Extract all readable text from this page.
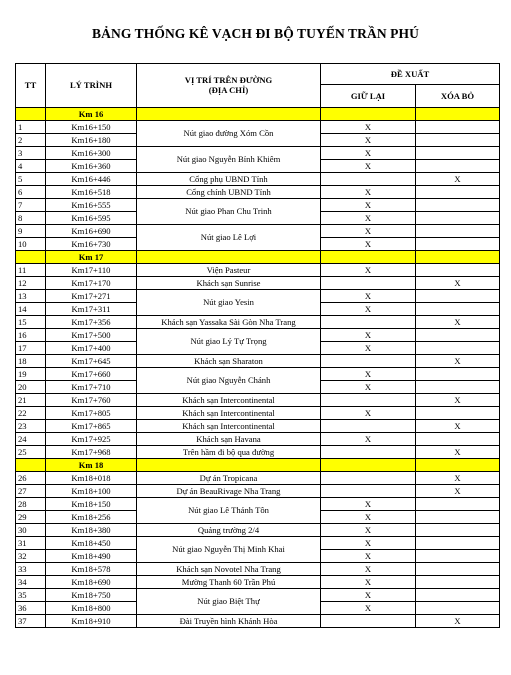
BẢNG THỐNG KÊ VẠCH ĐI BỘ TUYẾN TRẦN PHÚ
TT	LÝ TRÌNH	VỊ TRÍ TRÊN ĐƯỜNG
(ĐỊA CHỈ)	ĐỀ XUẤT	
			GIỮ LẠI	XÓA BỎ
	Km 16			
1	Km16+150	Nút giao đường Xóm Cồn	X	
2	Km16+180		X	
3	Km16+300	Nút giao Nguyễn Bỉnh Khiêm	X	
4	Km16+360		X	
5	Km16+446	Cổng phụ UBND Tỉnh		X
6	Km16+518	Cổng chính UBND Tỉnh	X	
7	Km16+555	Nút giao Phan Chu Trinh	X	
8	Km16+595		X	
9	Km16+690	Nút giao Lê Lợi	X	
10	Km16+730		X	
	Km 17			
11	Km17+110	Viện Pasteur	X	
12	Km17+170	Khách sạn Sunrise		X
13	Km17+271	Nút giao Yesin	X	
14	Km17+311		X	
15	Km17+356	Khách sạn Yassaka Sài Gòn Nha Trang		X
16	Km17+500	Nút giao Lý Tự Trọng	X	
17	Km17+400		X	
18	Km17+645	Khách sạn Sharaton		X
19	Km17+660	Nút giao Nguyễn Chánh	X	
20	Km17+710		X	
21	Km17+760	Khách sạn Intercontinental		X
22	Km17+805	Khách sạn Intercontinental	X	
23	Km17+865	Khách sạn Intercontinental		X
24	Km17+925	Khách sạn Havana	X	
25	Km17+968	Trên hầm đi bộ qua đường		X
	Km 18			
26	Km18+018	Dự án Tropicana		X
27	Km18+100	Dự án BeauRivage Nha Trang		X
28	Km18+150	Nút giao Lê Thánh Tôn	X	
29	Km18+256		X	
30	Km18+380	Quảng trường 2/4	X	
31	Km18+450	Nút giao Nguyễn Thị Minh Khai	X	
32	Km18+490		X	
33	Km18+578	Khách sạn Novotel Nha Trang	X	
34	Km18+690	Mường Thanh 60 Trần Phú	X	
35	Km18+750	Nút giao Biệt Thự	X	
36	Km18+800		X	
37	Km18+910	Đài Truyền hình Khánh Hòa		X
